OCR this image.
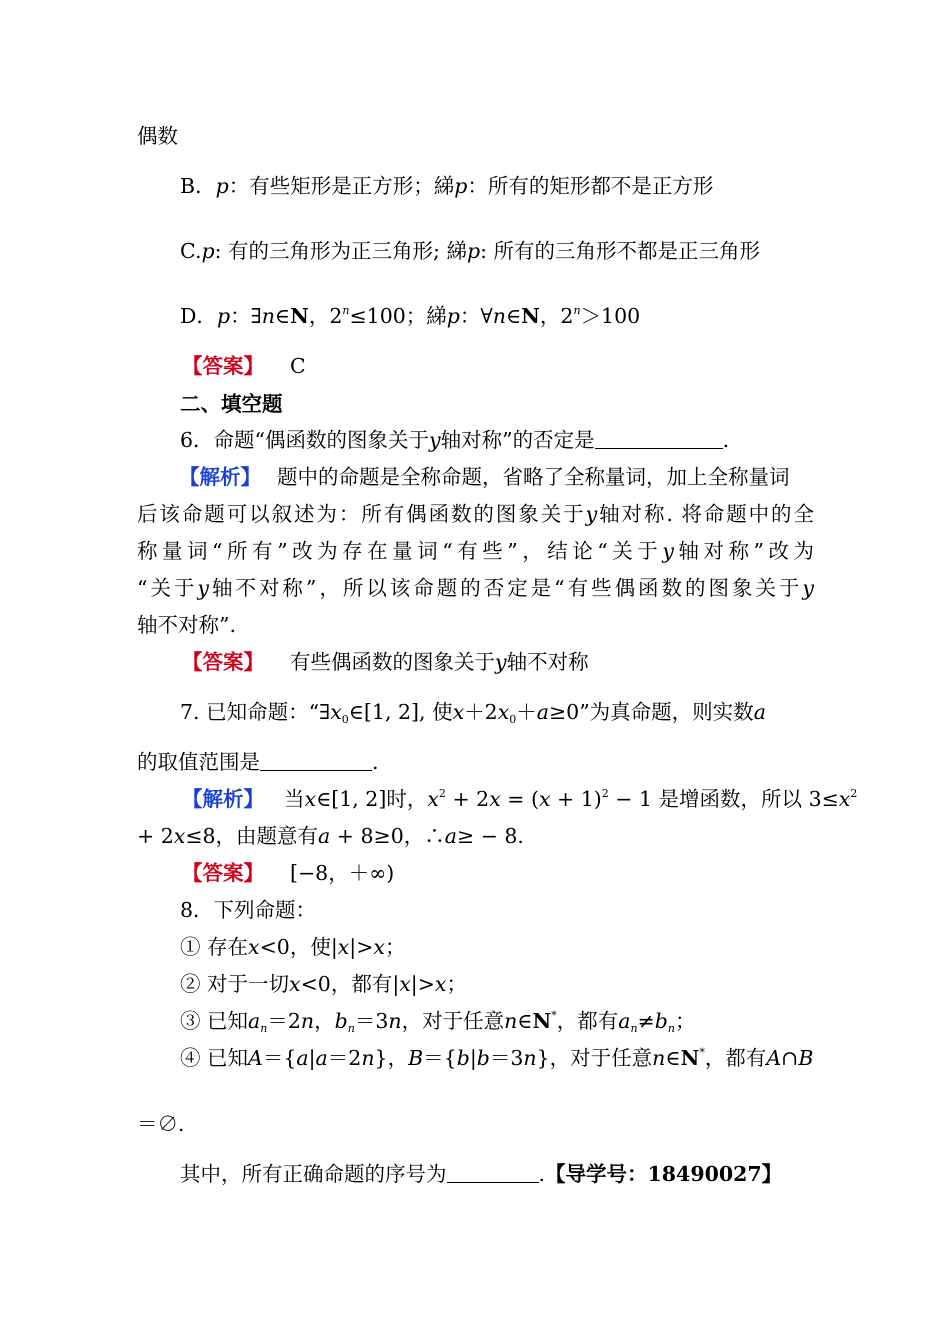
偶数
B．p：有些矩形是正方形；綈p：所有的矩形都不是正方形
C.p: 有的三角形为正三角形; 綈p: 所有的三角形不都是正三角形
D．p：∃n∈N，$2^n\le 100$；綈p：∀n∈N，$2^n>100$
【答案】 C
二、填空题
6．命题“偶函数的图象关于y轴对称”的否定是	.
【解析】 题中的命题是全称命题，省略了全称量词，加上全称量词
后该命题可以叙述为：所有偶函数的图象关于y轴对称. 将命题中的全
称量词“所有”改为存在量词“有些”，结论“关于y轴对称”改为
“关于y轴不对称”，所以该命题的否定是“有些偶函数的图象关于y
轴不对称”.
【答案】 有些偶函数的图象关于y轴不对称
7. 已知命题：“$\exists x_0\in[1$, 2], 使$x+2x_0+a\ge 0$”为真命题，则实数a
的取值范围是	.
【解析】 当x∈[1, 2]时，$x^2 + 2x = (x + 1)^2 - 1$ 是增函数，所以 $3\le x^2$
+ 2x≤8，由题意有a + 8≥0，∴a≥ − 8.
【答案】 [−8，＋∞)
8．下列命题：
① 存在x<0，使|x|>x；
② 对于一切x<0，都有|x|>x；
③ 已知$a_n=2n$，$b_n=3n$，对于任意n∈N*，都有$a_n\ne b_n$；
④ 已知A＝{a|a＝2n}，B＝{b|b＝3n}，对于任意n∈N*，都有A∩B
＝∅.
其中，所有正确命题的序号为	.【导学号：18490027】
